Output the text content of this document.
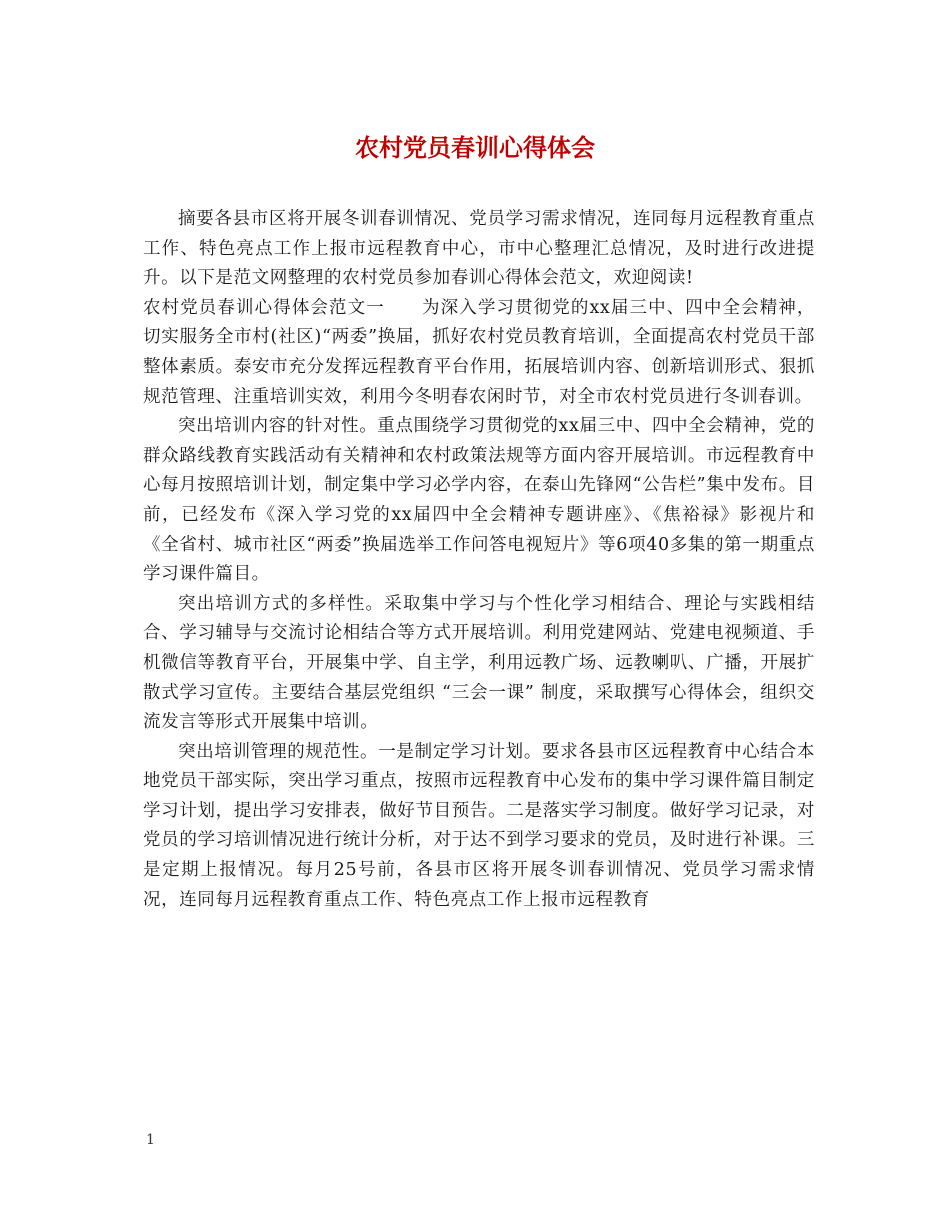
农村党员春训心得体会

摘要各县市区将开展冬训春训情况、党员学习需求情况，连同每月远程教育重点工作、特色亮点工作上报市远程教育中心，市中心整理汇总情况，及时进行改进提升。以下是范文网整理的农村党员参加春训心得体会范文，欢迎阅读!

农村党员春训心得体会范文一　　为深入学习贯彻党的xx届三中、四中全会精神，切实服务全市村(社区)“两委”换届，抓好农村党员教育培训，全面提高农村党员干部整体素质。泰安市充分发挥远程教育平台作用，拓展培训内容、创新培训形式、狠抓规范管理、注重培训实效，利用今冬明春农闲时节，对全市农村党员进行冬训春训。

突出培训内容的针对性。重点围绕学习贯彻党的xx届三中、四中全会精神，党的群众路线教育实践活动有关精神和农村政策法规等方面内容开展培训。市远程教育中心每月按照培训计划，制定集中学习必学内容，在泰山先锋网“公告栏”集中发布。目前，已经发布《深入学习党的xx届四中全会精神专题讲座》、《焦裕禄》影视片和《全省村、城市社区“两委”换届选举工作问答电视短片》等6项40多集的第一期重点学习课件篇目。

突出培训方式的多样性。采取集中学习与个性化学习相结合、理论与实践相结合、学习辅导与交流讨论相结合等方式开展培训。利用党建网站、党建电视频道、手机微信等教育平台，开展集中学、自主学，利用远教广场、远教喇叭、广播，开展扩散式学习宣传。主要结合基层党组织 “三会一课” 制度，采取撰写心得体会，组织交流发言等形式开展集中培训。

突出培训管理的规范性。一是制定学习计划。要求各县市区远程教育中心结合本地党员干部实际，突出学习重点，按照市远程教育中心发布的集中学习课件篇目制定学习计划，提出学习安排表，做好节目预告。二是落实学习制度。做好学习记录，对党员的学习培训情况进行统计分析，对于达不到学习要求的党员，及时进行补课。三是定期上报情况。每月25号前，各县市区将开展冬训春训情况、党员学习需求情况，连同每月远程教育重点工作、特色亮点工作上报市远程教育

1
